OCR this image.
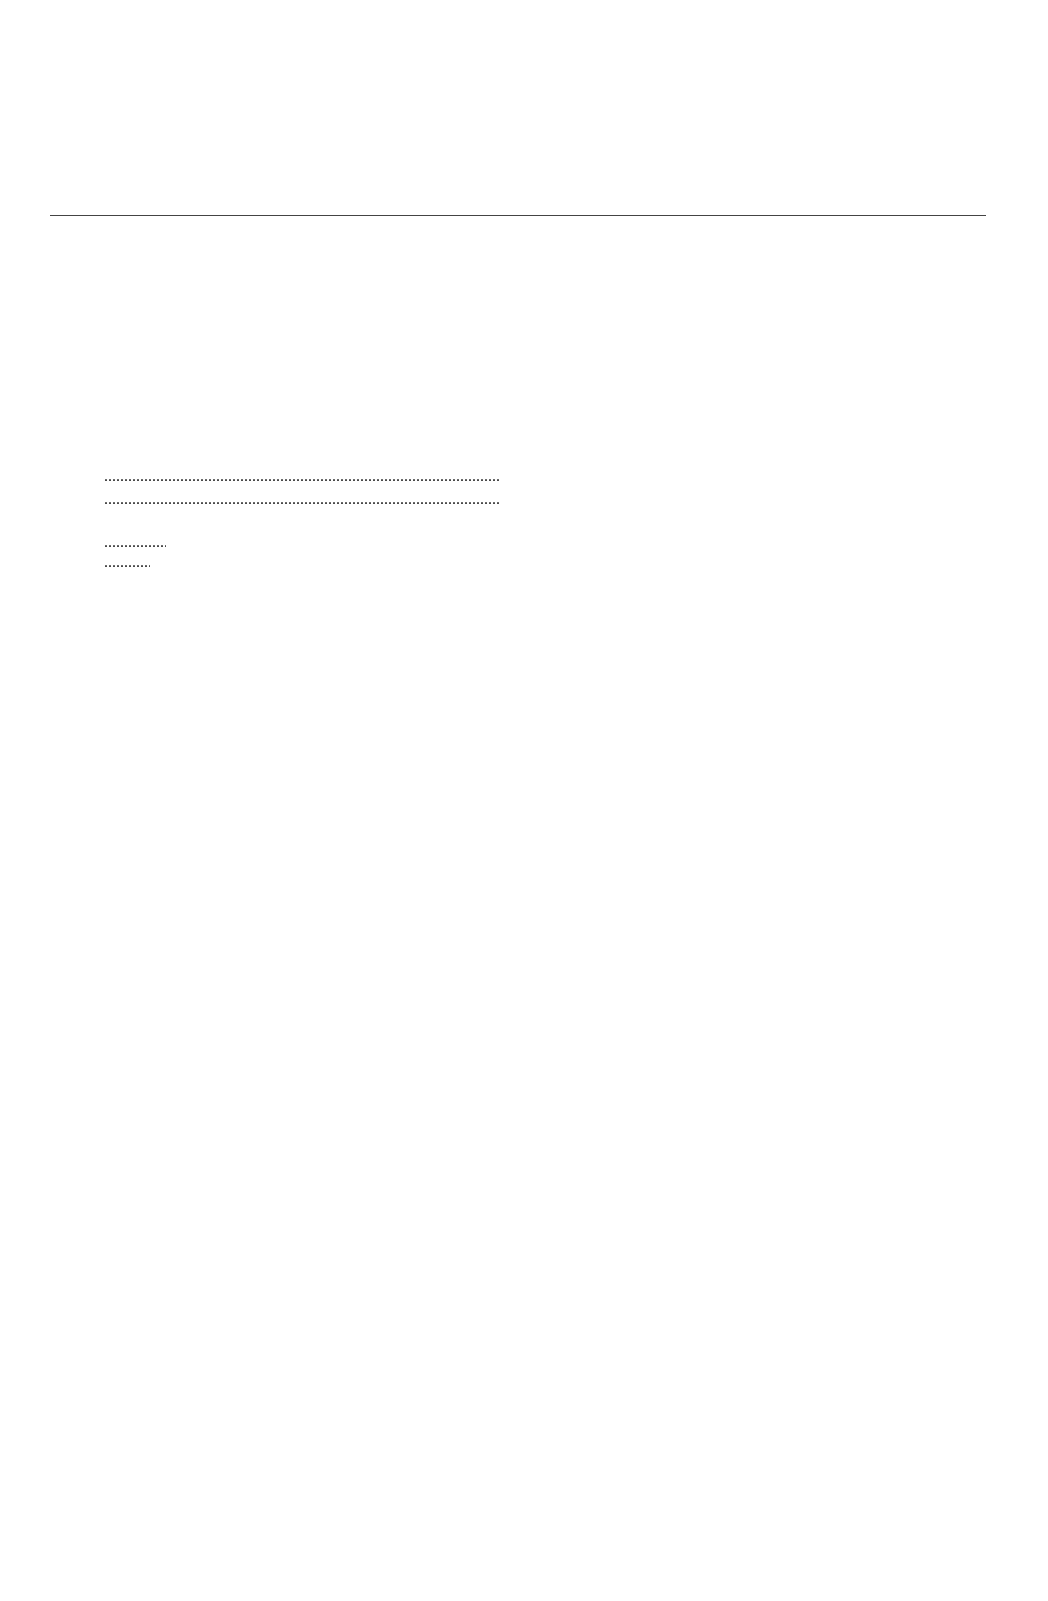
.....
.....
.....
.....
